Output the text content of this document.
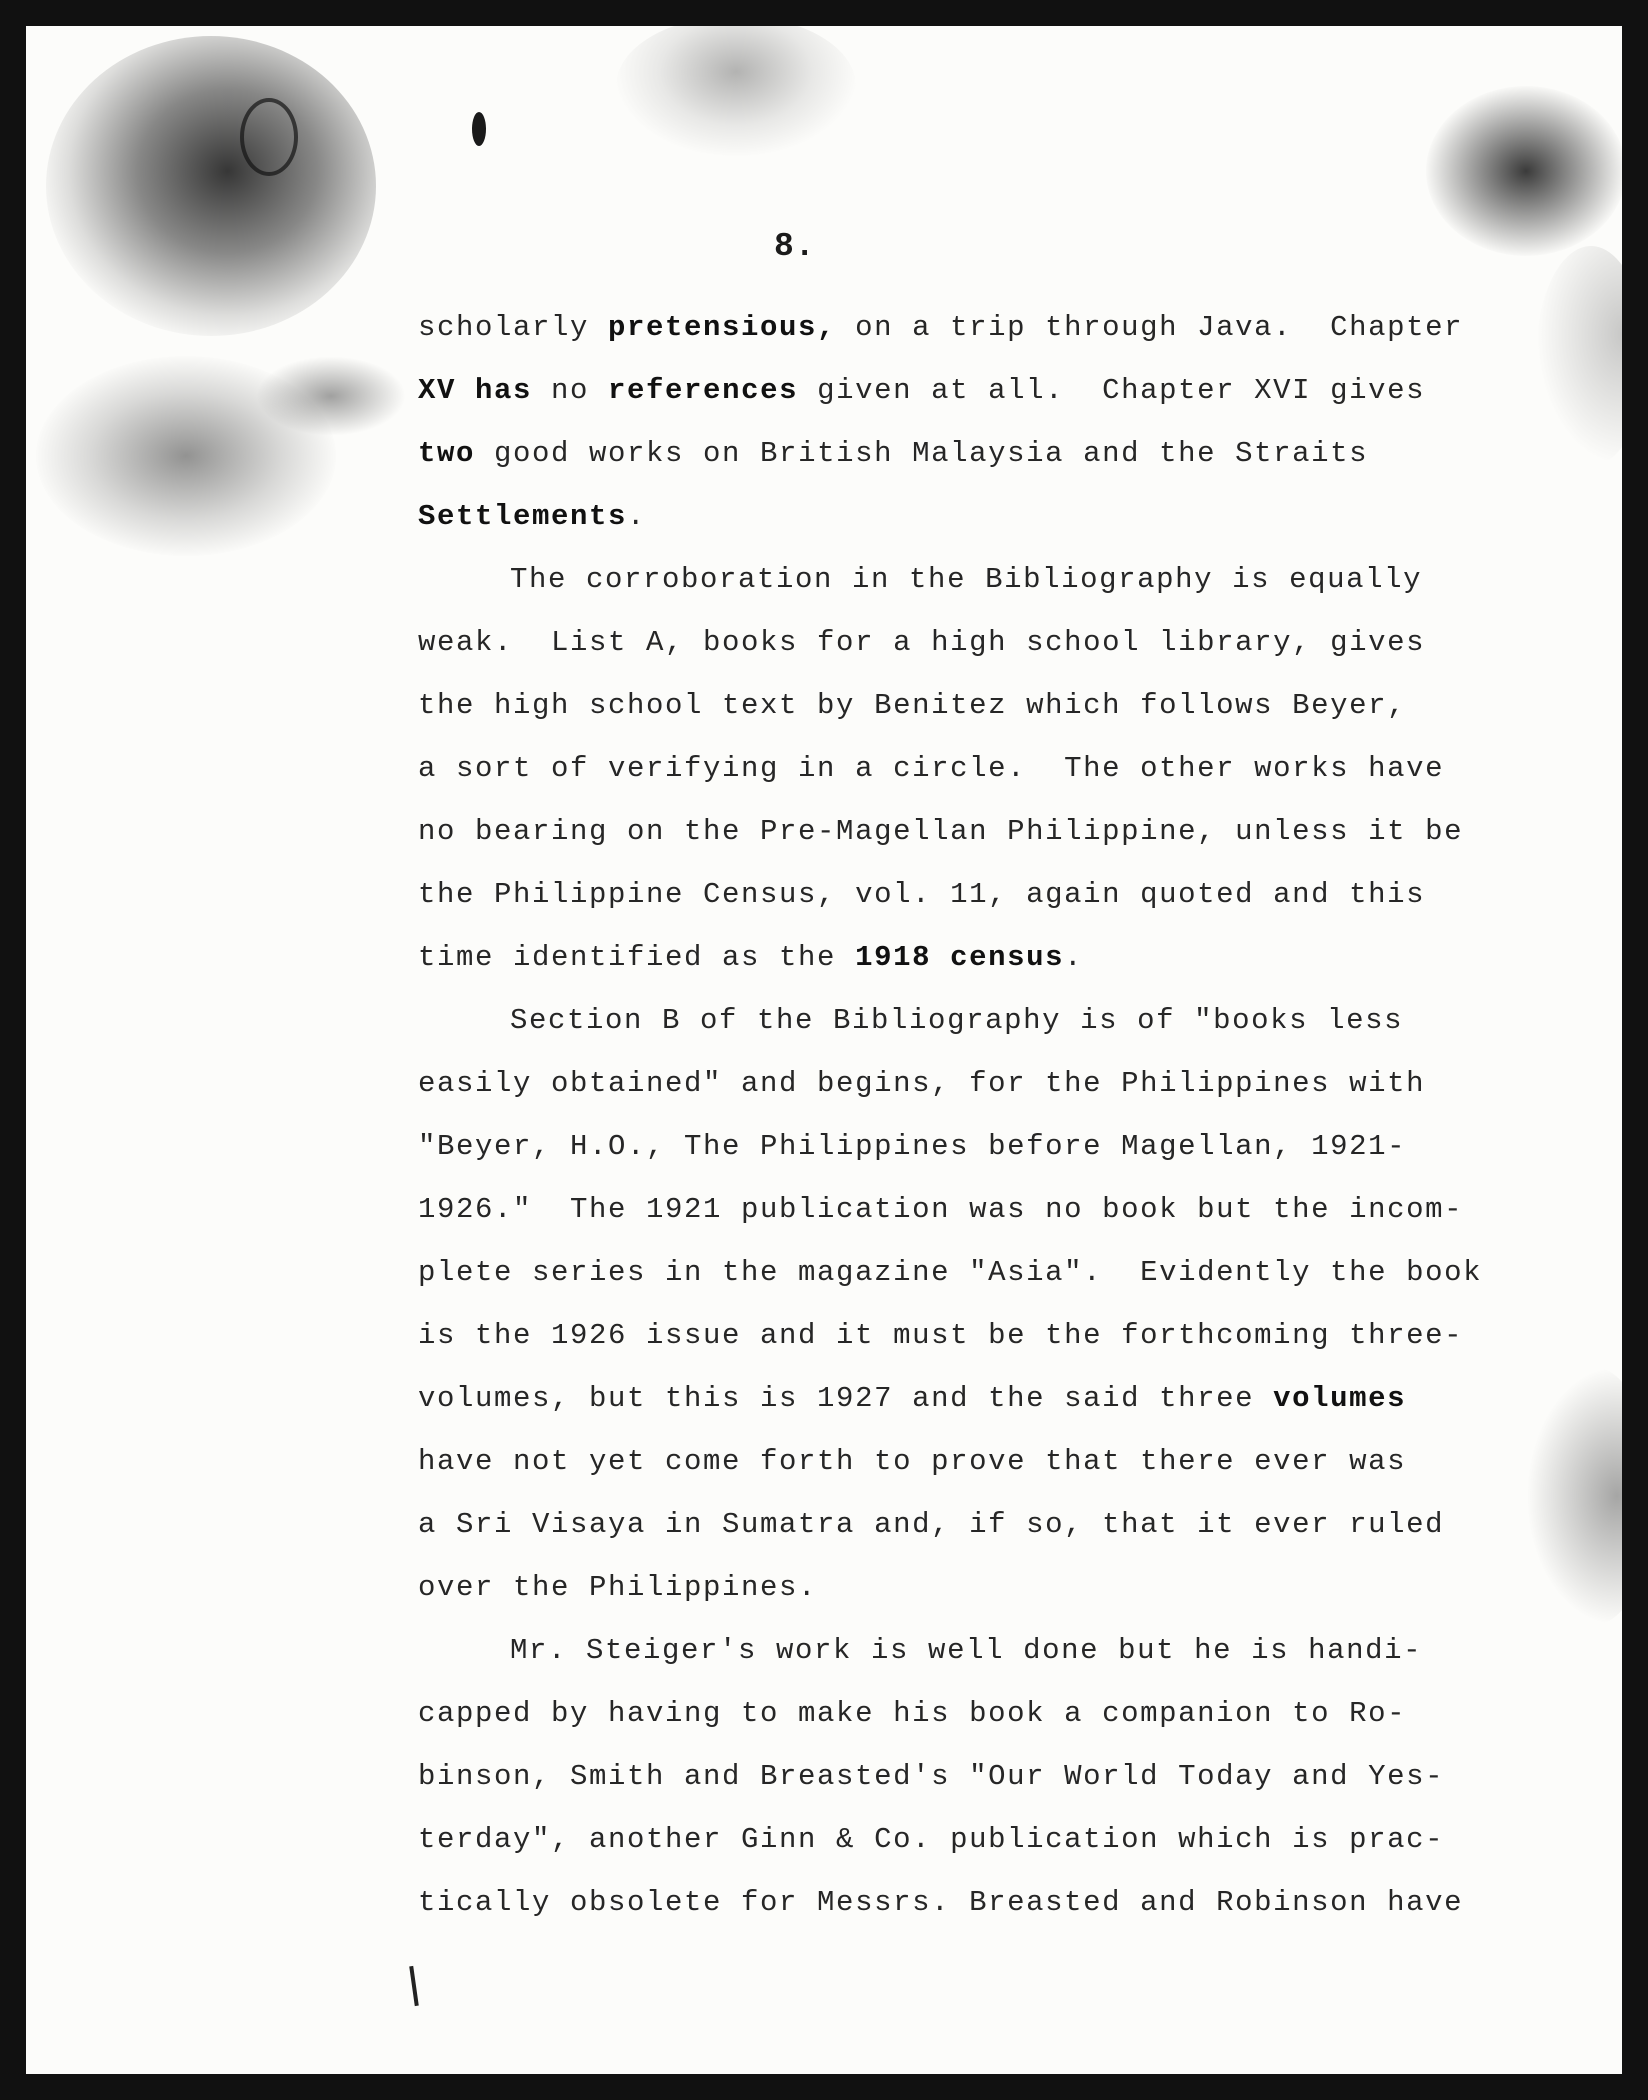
8.
scholarly pretensious, on a trip through Java.  Chapter
XV has no references given at all.  Chapter XVI gives
two good works on British Malaysia and the Straits
Settlements.
The corroboration in the Bibliography is equally
weak.  List A, books for a high school library, gives
the high school text by Benitez which follows Beyer,
a sort of verifying in a circle.  The other works have
no bearing on the Pre-Magellan Philippine, unless it be
the Philippine Census, vol. 11, again quoted and this
time identified as the 1918 census.
Section B of the Bibliography is of "books less
easily obtained" and begins, for the Philippines with
"Beyer, H.O., The Philippines before Magellan, 1921-
1926."  The 1921 publication was no book but the incom-
plete series in the magazine "Asia".  Evidently the book
is the 1926 issue and it must be the forthcoming three-
volumes, but this is 1927 and the said three volumes
have not yet come forth to prove that there ever was
a Sri Visaya in Sumatra and, if so, that it ever ruled
over the Philippines.
Mr. Steiger's work is well done but he is handi-
capped by having to make his book a companion to Ro-
binson, Smith and Breasted's "Our World Today and Yes-
terday", another Ginn & Co. publication which is prac-
tically obsolete for Messrs. Breasted and Robinson have
